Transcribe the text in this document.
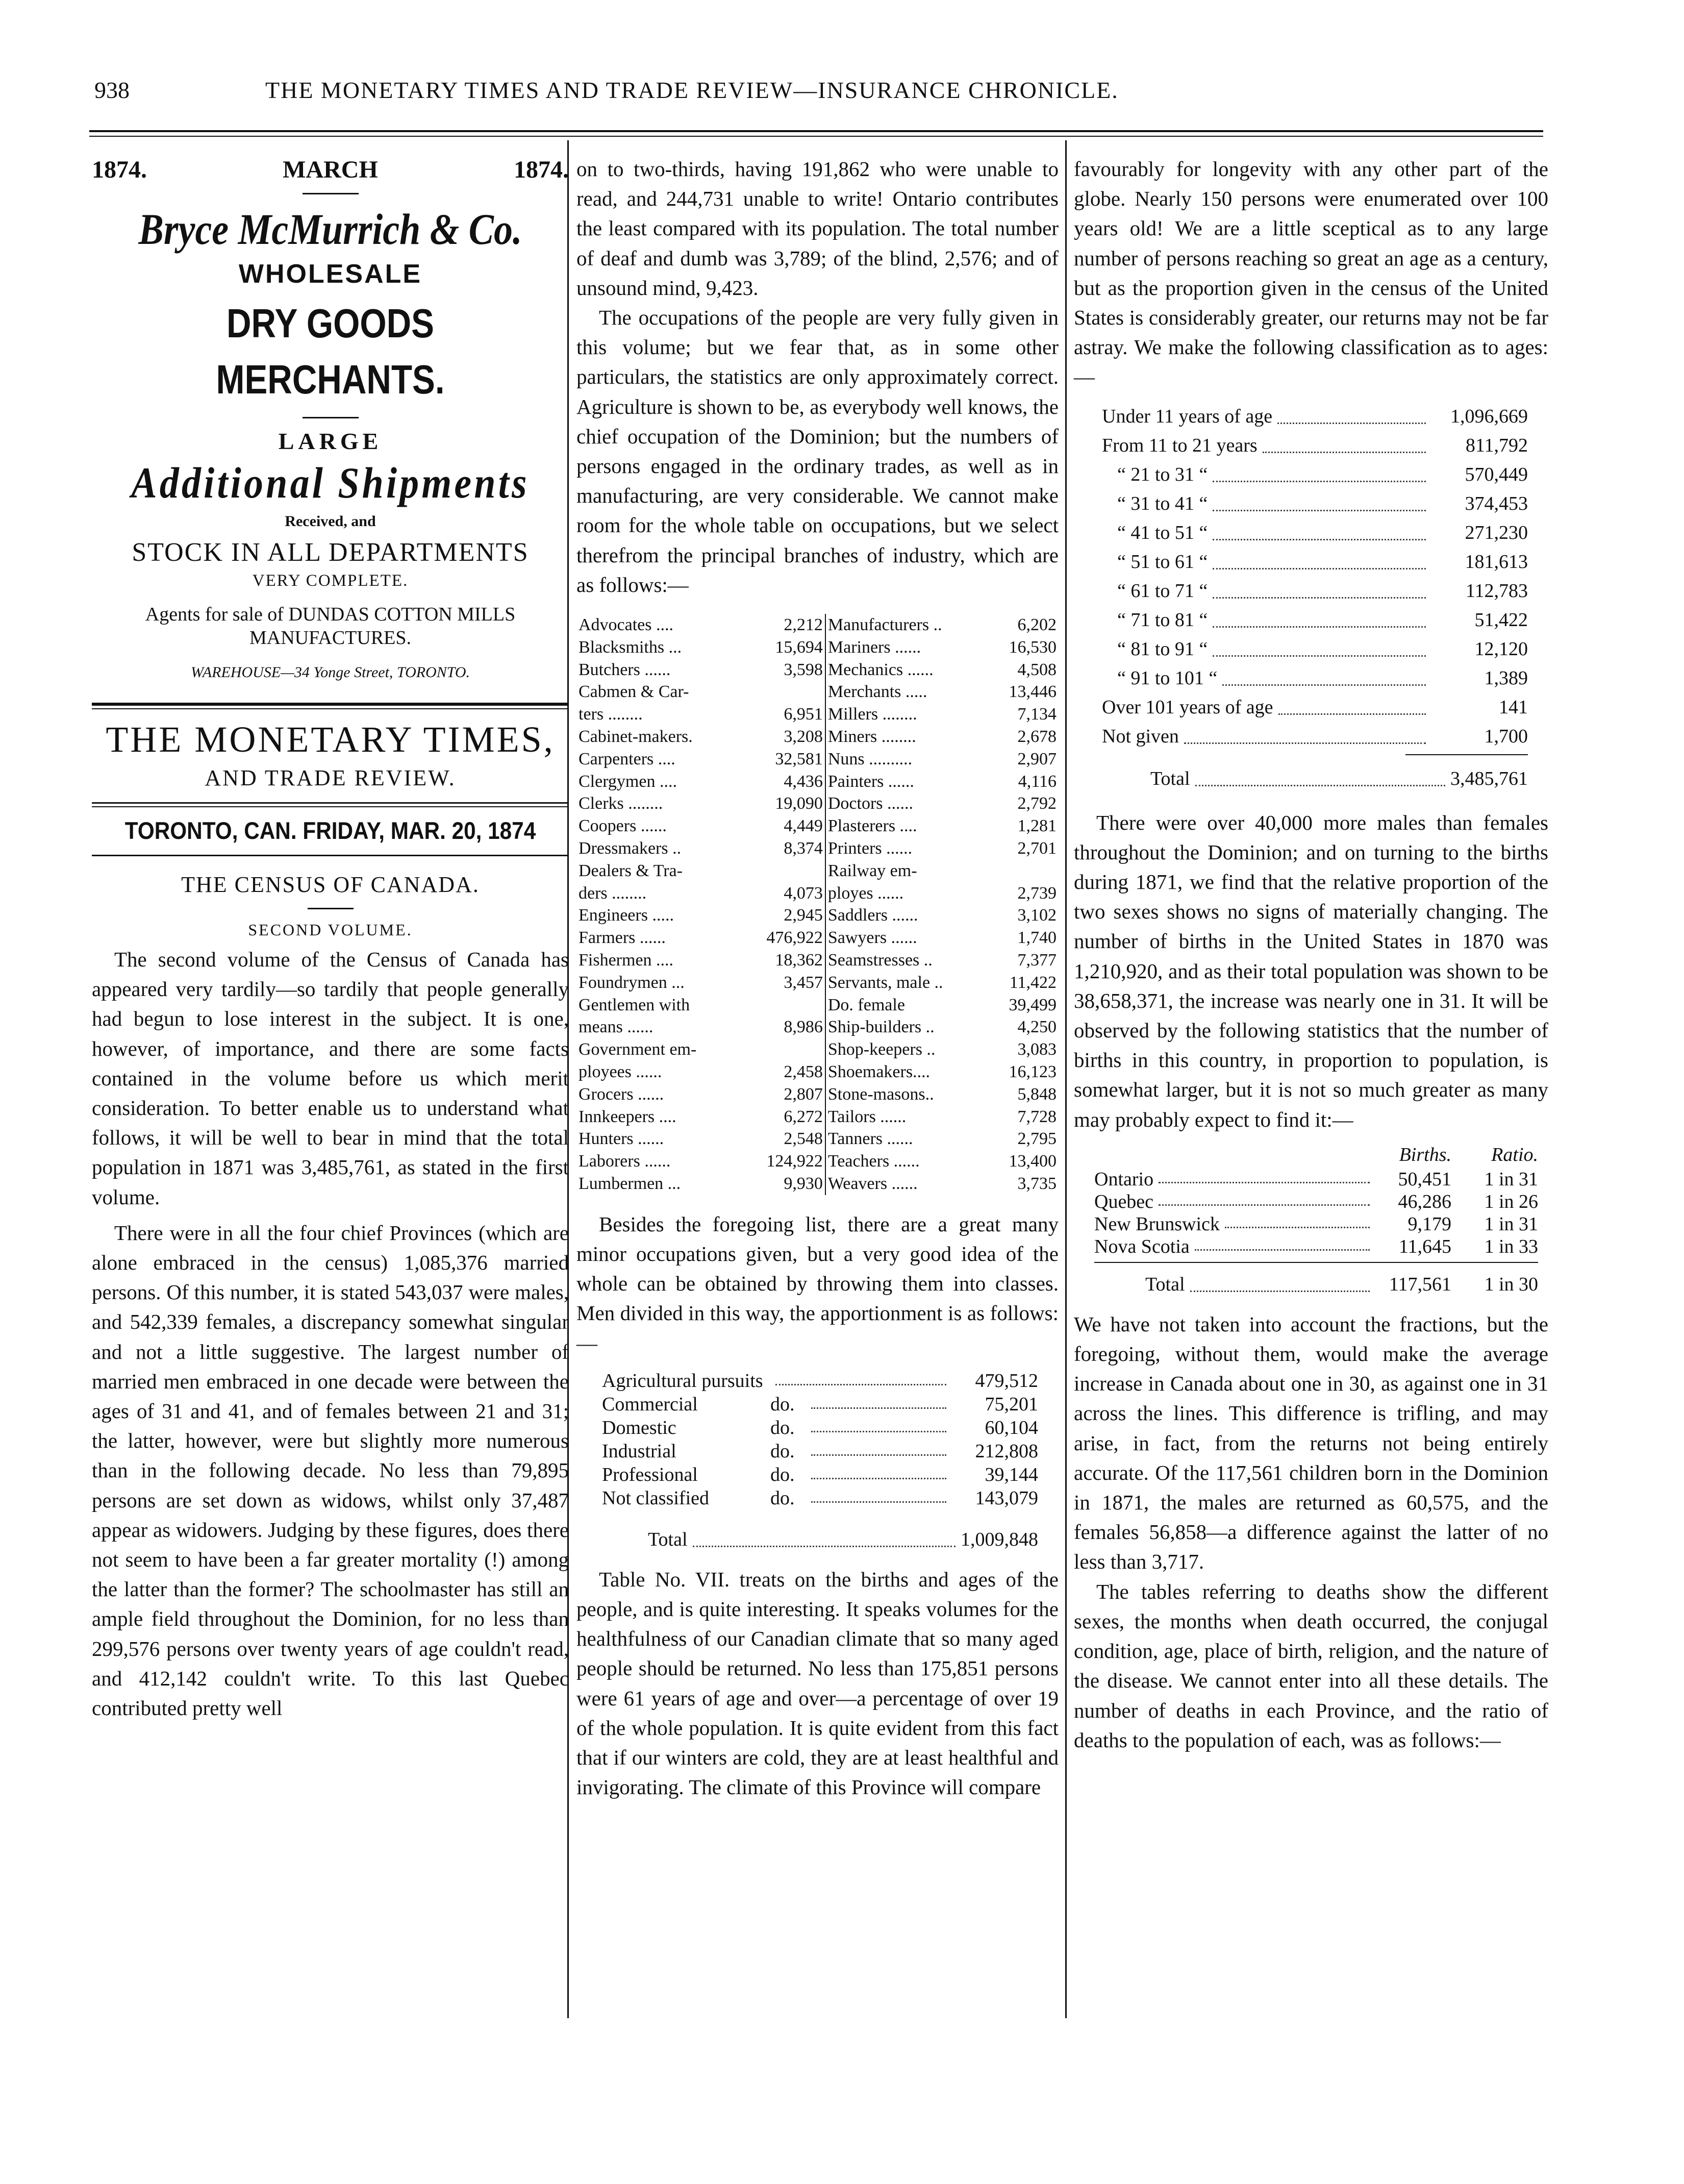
938	THE MONETARY TIMES AND TRADE REVIEW—INSURANCE CHRONICLE.
1874.	MARCH	1874.
Bryce McMurrich & Co.
WHOLESALE
DRY GOODS MERCHANTS.
LARGE
Additional Shipments
Received, and
STOCK IN ALL DEPARTMENTS
VERY COMPLETE.
Agents for sale of DUNDAS COTTON MILLS MANUFACTURES.
WAREHOUSE—34 Yonge Street, TORONTO.
THE MONETARY TIMES,
AND TRADE REVIEW.
TORONTO, CAN. FRIDAY, MAR. 20, 1874
THE CENSUS OF CANADA.
SECOND VOLUME.

The second volume of the Census of Canada has appeared very tardily—so tardily that people generally had begun to lose interest in the subject. It is one, however, of importance, and there are some facts contained in the volume before us which merit consideration. To better enable us to understand what follows, it will be well to bear in mind that the total population in 1871 was 3,485,761, as stated in the first volume.

There were in all the four chief Provinces (which are alone embraced in the census) 1,085,376 married persons. Of this number, it is stated 543,037 were males, and 542,339 females, a discrepancy somewhat singular and not a little suggestive. The largest number of married men embraced in one decade were between the ages of 31 and 41, and of females between 21 and 31; the latter, however, were but slightly more numerous than in the following decade. No less than 79,895 persons are set down as widows, whilst only 37,487 appear as widowers. Judging by these figures, does there not seem to have been a far greater mortality (!) among the latter than the former? The schoolmaster has still an ample field throughout the Dominion, for no less than 299,576 persons over twenty years of age couldn't read, and 412,142 couldn't write. To this last Quebec contributed pretty well

on to two-thirds, having 191,862 who were unable to read, and 244,731 unable to write! Ontario contributes the least compared with its population. The total number of deaf and dumb was 3,789; of the blind, 2,576; and of unsound mind, 9,423.

The occupations of the people are very fully given in this volume; but we fear that, as in some other particulars, the statistics are only approximately correct. Agriculture is shown to be, as everybody well knows, the chief occupation of the Dominion; but the numbers of persons engaged in the ordinary trades, as well as in manufacturing, are very considerable. We cannot make room for the whole table on occupations, but we select therefrom the principal branches of industry, which are as follows:—

Advocates ....	2,212	Manufacturers ..	6,202
Blacksmiths ...	15,694	Mariners ......	16,530
Butchers ......	3,598	Mechanics ......	4,508
Cabmen & Car-		Merchants .....	13,446
ters ........	6,951	Millers ........	7,134
Cabinet-makers.	3,208	Miners ........	2,678
Carpenters ....	32,581	Nuns ..........	2,907
Clergymen ....	4,436	Painters ......	4,116
Clerks ........	19,090	Doctors ......	2,792
Coopers ......	4,449	Plasterers ....	1,281
Dressmakers ..	8,374	Printers ......	2,701
Dealers & Tra-		Railway em-	
ders ........	4,073	ployes ......	2,739
Engineers .....	2,945	Saddlers ......	3,102
Farmers ......	476,922	Sawyers ......	1,740
Fishermen ....	18,362	Seamstresses ..	7,377
Foundrymen ...	3,457	Servants, male ..	11,422
Gentlemen with		Do. female	39,499
means ......	8,986	Ship-builders ..	4,250
Government em-		Shop-keepers ..	3,083
ployees ......	2,458	Shoemakers....	16,123
Grocers ......	2,807	Stone-masons..	5,848
Innkeepers ....	6,272	Tailors ......	7,728
Hunters ......	2,548	Tanners ......	2,795
Laborers ......	124,922	Teachers ......	13,400
Lumbermen ...	9,930	Weavers ......	3,735

Besides the foregoing list, there are a great many minor occupations given, but a very good idea of the whole can be obtained by throwing them into classes. Men divided in this way, the apportionment is as follows:—

Agricultural pursuits	479,512
Commercial	do.	75,201
Domestic	do.	60,104
Industrial	do.	212,808
Professional	do.	39,144
Not classified	do.	143,079
Total	1,009,848

Table No. VII. treats on the births and ages of the people, and is quite interesting. It speaks volumes for the healthfulness of our Canadian climate that so many aged people should be returned. No less than 175,851 persons were 61 years of age and over—a percentage of over 19 of the whole population. It is quite evident from this fact that if our winters are cold, they are at least healthful and invigorating. The climate of this Province will compare

favourably for longevity with any other part of the globe. Nearly 150 persons were enumerated over 100 years old! We are a little sceptical as to any large number of persons reaching so great an age as a century, but as the proportion given in the census of the United States is considerably greater, our returns may not be far astray. We make the following classification as to ages:—

Under 11 years of age	1,096,669
From 11 to 21 years	811,792
“ 21 to 31 “	570,449
“ 31 to 41 “	374,453
“ 41 to 51 “	271,230
“ 51 to 61 “	181,613
“ 61 to 71 “	112,783
“ 71 to 81 “	51,422
“ 81 to 91 “	12,120
“ 91 to 101 “	1,389
Over 101 years of age	141
Not given	1,700
Total	3,485,761

There were over 40,000 more males than females throughout the Dominion; and on turning to the births during 1871, we find that the relative proportion of the two sexes shows no signs of materially changing. The number of births in the United States in 1870 was 1,210,920, and as their total population was shown to be 38,658,371, the increase was nearly one in 31. It will be observed by the following statistics that the number of births in this country, in proportion to population, is somewhat larger, but it is not so much greater as many may probably expect to find it:—

Births.	Ratio.
Ontario	50,451	1 in 31
Quebec	46,286	1 in 26
New Brunswick	9,179	1 in 31
Nova Scotia	11,645	1 in 33
Total	117,561	1 in 30

We have not taken into account the fractions, but the foregoing, without them, would make the average increase in Canada about one in 30, as against one in 31 across the lines. This difference is trifling, and may arise, in fact, from the returns not being entirely accurate. Of the 117,561 children born in the Dominion in 1871, the males are returned as 60,575, and the females 56,858—a difference against the latter of no less than 3,717.

The tables referring to deaths show the different sexes, the months when death occurred, the conjugal condition, age, place of birth, religion, and the nature of the disease. We cannot enter into all these details. The number of deaths in each Province, and the ratio of deaths to the population of each, was as follows:—
